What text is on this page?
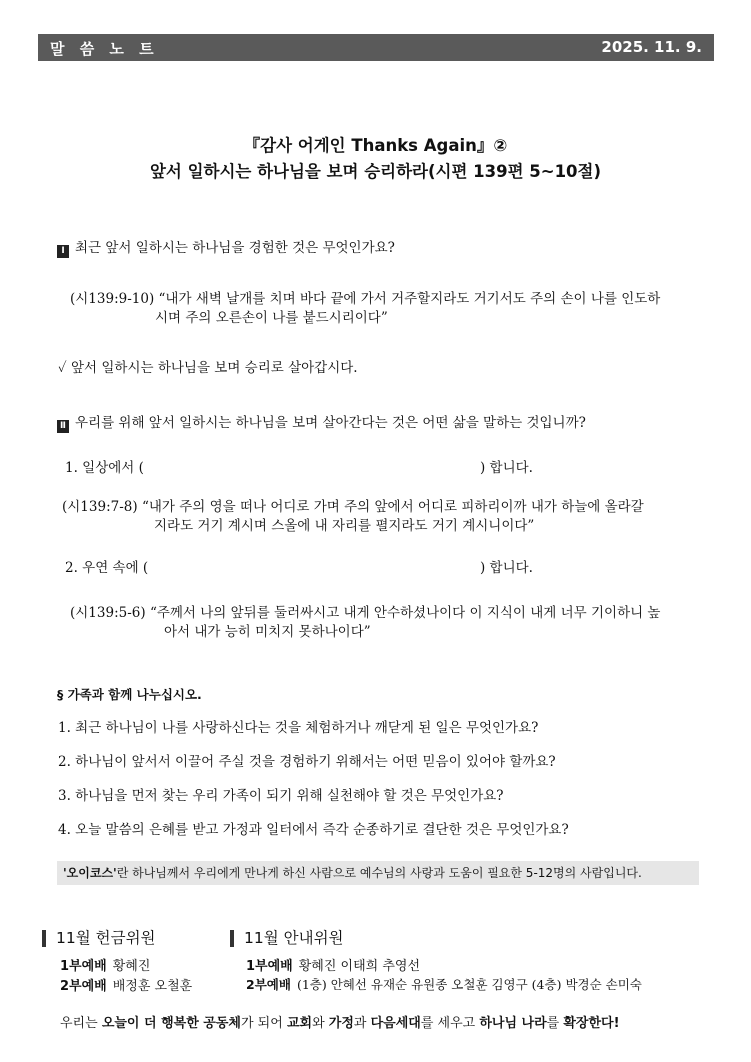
말 씀 노 트	2025. 11. 9.
『감사 어게인 Thanks Again』②
앞서 일하시는 하나님을 보며 승리하라(시편 139편 5~10절)
Ⅰ 최근 앞서 일하시는 하나님을 경험한 것은 무엇인가요?
(시139:9-10) “내가 새벽 날개를 치며 바다 끝에 가서 거주할지라도 거기서도 주의 손이 나를 인도하
시며 주의 오른손이 나를 붙드시리이다”
✓ 앞서 일하시는 하나님을 보며 승리로 살아갑시다.
Ⅱ 우리를 위해 앞서 일하시는 하나님을 보며 살아간다는 것은 어떤 삶을 말하는 것입니까?
1. 일상에서 (	) 합니다.
(시139:7-8) “내가 주의 영을 떠나 어디로 가며 주의 앞에서 어디로 피하리이까 내가 하늘에 올라갈
지라도 거기 계시며 스올에 내 자리를 펼지라도 거기 계시니이다”
2. 우연 속에 (	) 합니다.
(시139:5-6) “주께서 나의 앞뒤를 둘러싸시고 내게 안수하셨나이다 이 지식이 내게 너무 기이하니 높
아서 내가 능히 미치지 못하나이다”
§ 가족과 함께 나누십시오.
1. 최근 하나님이 나를 사랑하신다는 것을 체험하거나 깨닫게 된 일은 무엇인가요?
2. 하나님이 앞서서 이끌어 주실 것을 경험하기 위해서는 어떤 믿음이 있어야 할까요?
3. 하나님을 먼저 찾는 우리 가족이 되기 위해 실천해야 할 것은 무엇인가요?
4. 오늘 말씀의 은혜를 받고 가정과 일터에서 즉각 순종하기로 결단한 것은 무엇인가요?
'오이코스'란 하나님께서 우리에게 만나게 하신 사람으로 예수님의 사랑과 도움이 필요한 5-12명의 사람입니다.
11월 헌금위원
1부예배 황혜진
2부예배 배정훈 오철훈
11월 안내위원
1부예배 황혜진 이태희 추영선
2부예배 (1층) 안혜선 유재순 유원종 오철훈 김영구 (4층) 박경순 손미숙
우리는 오늘이 더 행복한 공동체가 되어 교회와 가정과 다음세대를 세우고 하나님 나라를 확장한다!
